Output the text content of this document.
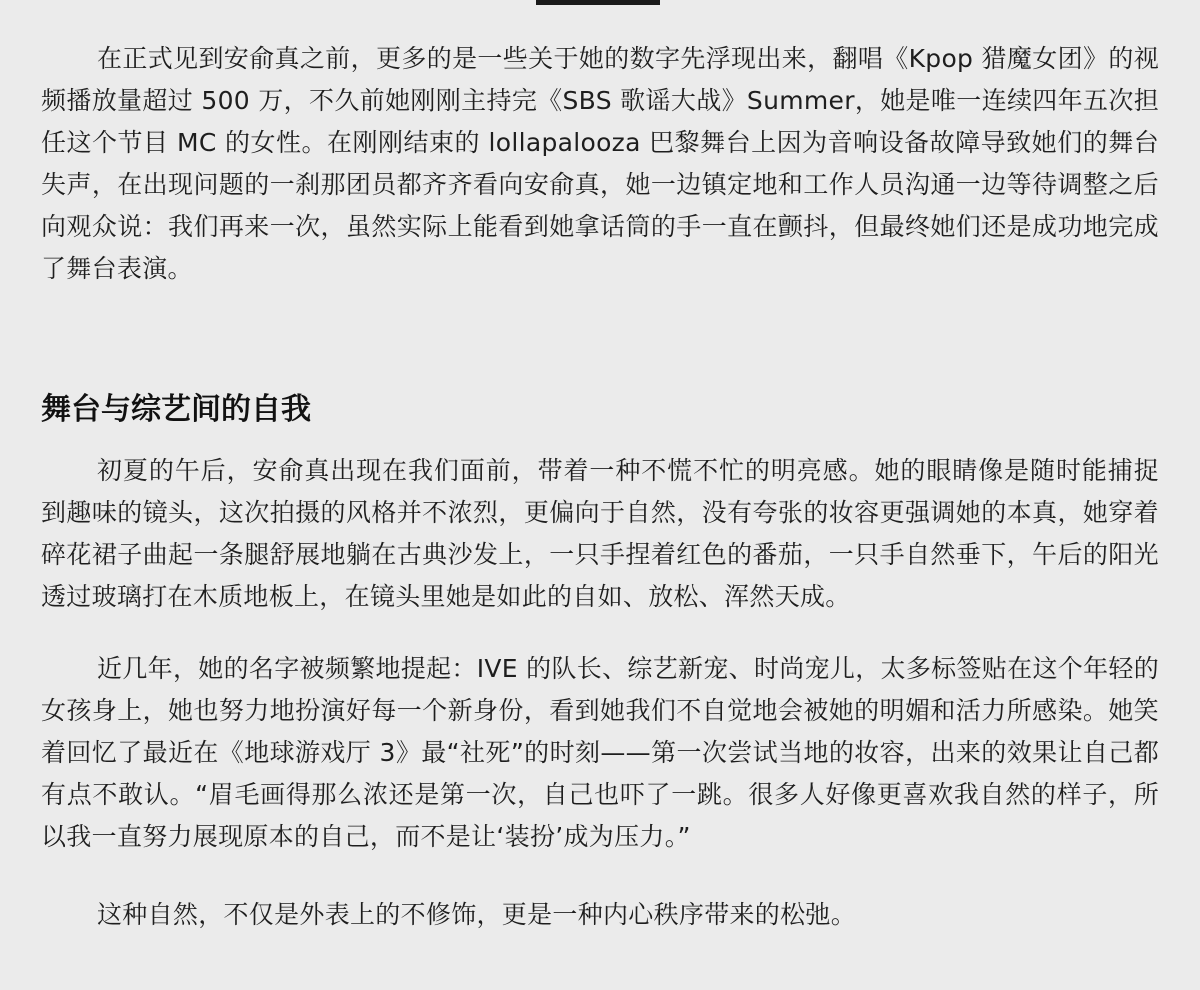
在正式见到安俞真之前，更多的是一些关于她的数字先浮现出来，翻唱《Kpop 猎魔女团》的视频播放量超过 500 万，不久前她刚刚主持完《SBS 歌谣大战》Summer，她是唯一连续四年五次担任这个节目 MC 的女性。在刚刚结束的 lollapalooza 巴黎舞台上因为音响设备故障导致她们的舞台失声，在出现问题的一刹那团员都齐齐看向安俞真，她一边镇定地和工作人员沟通一边等待调整之后向观众说：我们再来一次，虽然实际上能看到她拿话筒的手一直在颤抖，但最终她们还是成功地完成了舞台表演。

舞台与综艺间的自我

初夏的午后，安俞真出现在我们面前，带着一种不慌不忙的明亮感。她的眼睛像是随时能捕捉到趣味的镜头，这次拍摄的风格并不浓烈，更偏向于自然，没有夸张的妆容更强调她的本真，她穿着碎花裙子曲起一条腿舒展地躺在古典沙发上，一只手捏着红色的番茄，一只手自然垂下，午后的阳光透过玻璃打在木质地板上，在镜头里她是如此的自如、放松、浑然天成。

近几年，她的名字被频繁地提起：IVE 的队长、综艺新宠、时尚宠儿，太多标签贴在这个年轻的女孩身上，她也努力地扮演好每一个新身份，看到她我们不自觉地会被她的明媚和活力所感染。她笑着回忆了最近在《地球游戏厅 3》最“社死”的时刻——第一次尝试当地的妆容，出来的效果让自己都有点不敢认。“眉毛画得那么浓还是第一次，自己也吓了一跳。很多人好像更喜欢我自然的样子，所以我一直努力展现原本的自己，而不是让‘装扮’成为压力。”

这种自然，不仅是外表上的不修饰，更是一种内心秩序带来的松弛。
